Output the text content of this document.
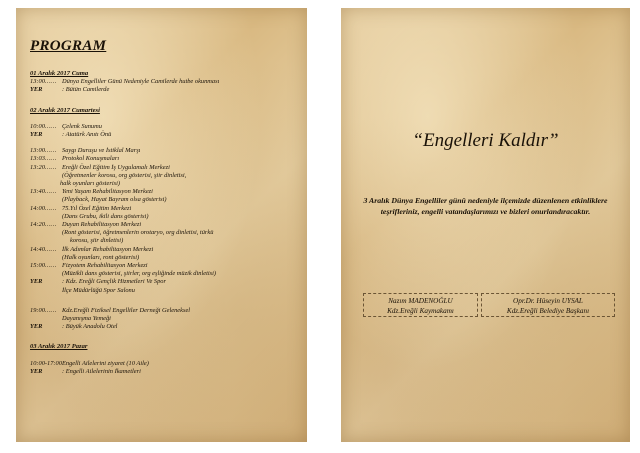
PROGRAM
01 Aralık 2017 Cuma
13:00…… Dünya Engelliler Günü Nedeniyle Camilerde hutbe okunması
YER	: Bütün Camilerde
02 Aralık 2017 Cumartesi
10:00…… Çelenk Sunumu
YER	: Atatürk Anıtı Önü
13:00…… Saygı Duruşu ve İstiklal Marşı
13:03…… Protokol Konuşmaları
13:20…… Ereğli Özel Eğitim İş Uygulamalı Merkezi
(Öğretmenler korosu, org gösterisi, şiir dinletisi,
halk oyunları gösterisi)
13:40…… Yeni Yaşam Rehabilitasyon Merkezi
(Playback, Hayat Bayram olsa gösterisi)
14:00…… 75.Yıl Özel Eğitim Merkezi
(Dans Grubu, ikili dans gösterisi)
14:20…… Duyan Rehabilitasyon Merkezi
(Ront gösterisi, öğretmenlerin orotaryo, org dinletisi, türkü
korosu, şiir dinletisi)
14:40…… İlk Adımlar Rehabilitasyon Merkezi
(Halk oyunları, ront gösterisi)
15:00…… Fizyotem Rehabilitasyon Merkezi
(Müzikli dans gösterisi, şiirler, org eşliğinde müzik dinletisi)
YER	: Kdz. Ereğli Gençlik Hizmetleri Ve Spor
İlçe Müdürlüğü Spor Salonu
19:00…… Kdz.Ereğli Fiziksel Engelliler Derneği Geleneksel
Dayanışma Yemeği
YER	: Büyük Anadolu Otel
03 Aralık 2017 Pazar
10:00-17:00 Engelli Ailelerini ziyaret (10 Aile)
YER	: Engelli Ailelerinin İkametleri
“Engelleri Kaldır”
3 Aralık Dünya Engelliler günü nedeniyle ilçemizde düzenlenen etkinliklere teşrifleriniz, engelli vatandaşlarımızı ve bizleri onurlandıracaktır.
Nazım MADENOĞLU
Kdz.Ereğli Kaymakamı
Opr.Dr. Hüseyin UYSAL
Kdz.Ereğli Belediye Başkanı
